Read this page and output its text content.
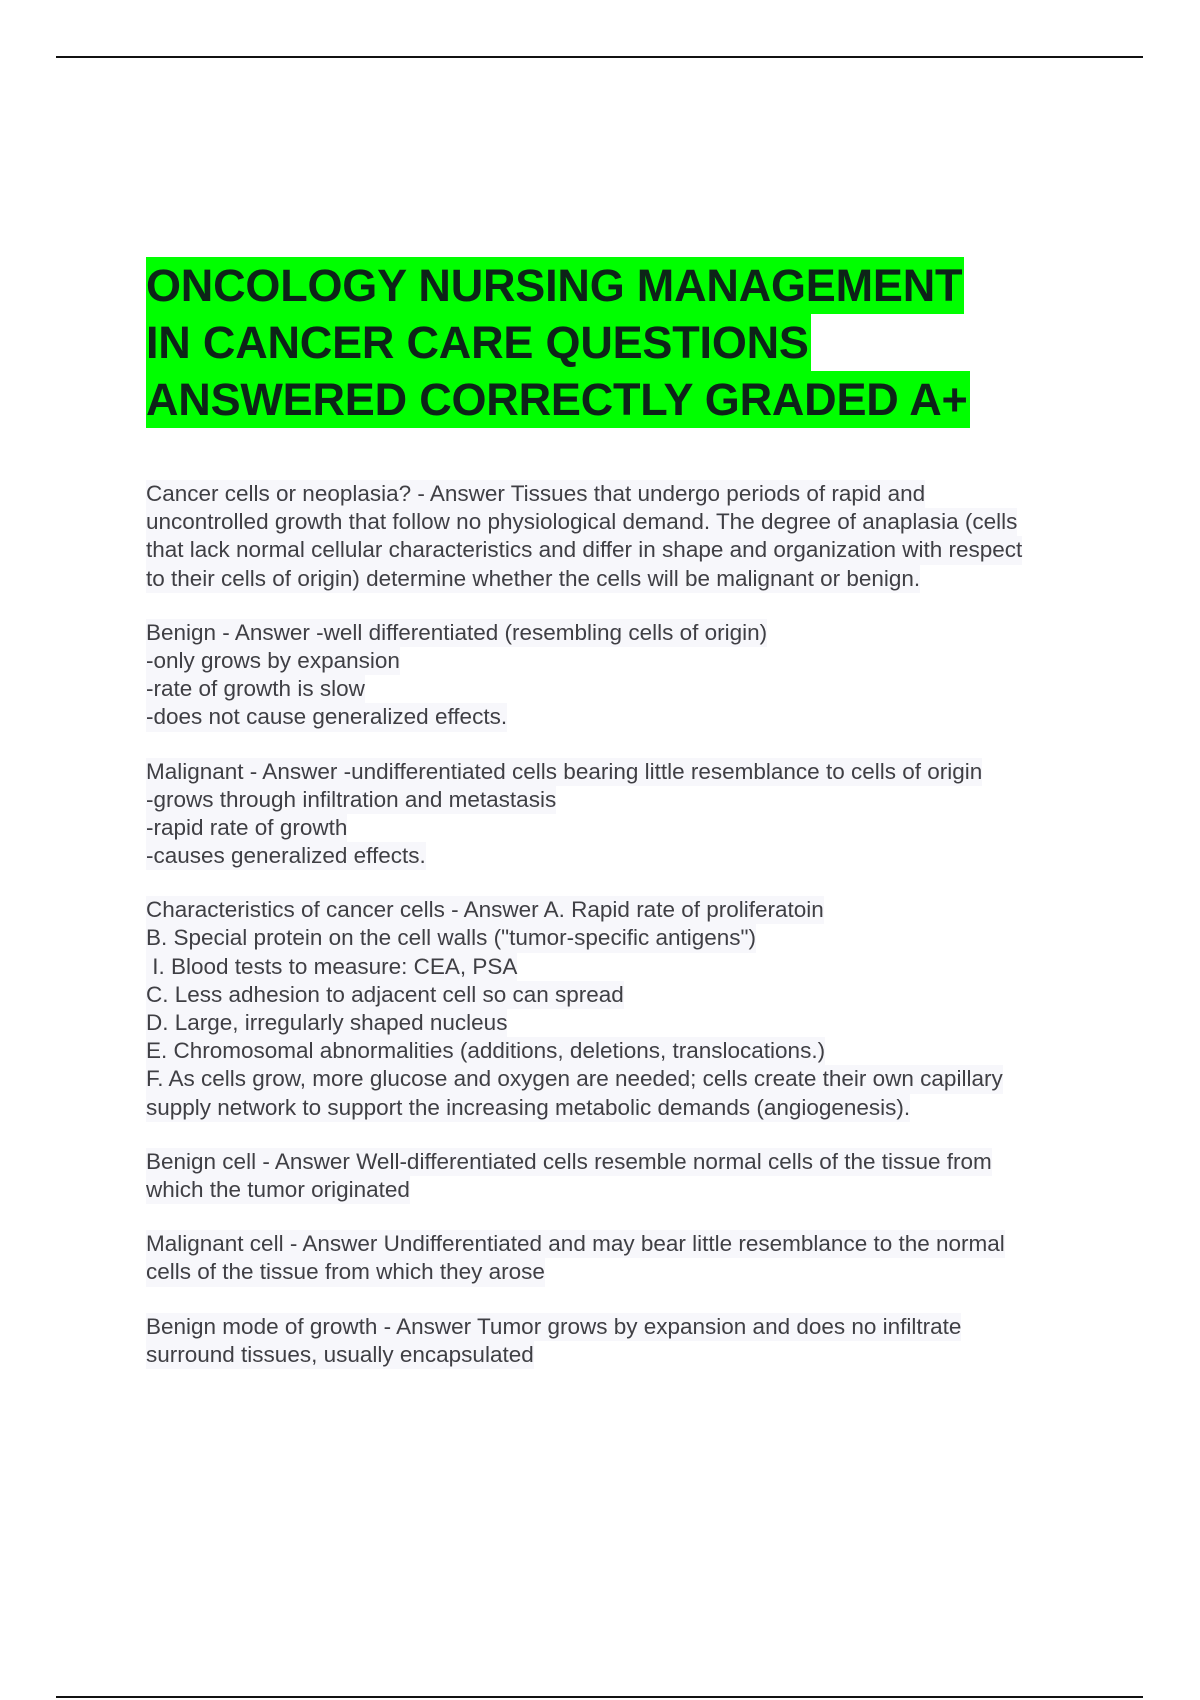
ONCOLOGY NURSING MANAGEMENT
IN CANCER CARE QUESTIONS
ANSWERED CORRECTLY GRADED A+
Cancer cells or neoplasia? - Answer Tissues that undergo periods of rapid and
uncontrolled growth that follow no physiological demand. The degree of anaplasia (cells
that lack normal cellular characteristics and differ in shape and organization with respect
to their cells of origin) determine whether the cells will be malignant or benign.
Benign - Answer -well differentiated (resembling cells of origin)
-only grows by expansion
-rate of growth is slow
-does not cause generalized effects.
Malignant - Answer -undifferentiated cells bearing little resemblance to cells of origin
-grows through infiltration and metastasis
-rapid rate of growth
-causes generalized effects.
Characteristics of cancer cells - Answer A. Rapid rate of proliferatoin
B. Special protein on the cell walls ("tumor-specific antigens")
I. Blood tests to measure: CEA, PSA
C. Less adhesion to adjacent cell so can spread
D. Large, irregularly shaped nucleus
E. Chromosomal abnormalities (additions, deletions, translocations.)
F. As cells grow, more glucose and oxygen are needed; cells create their own capillary
supply network to support the increasing metabolic demands (angiogenesis).
Benign cell - Answer Well-differentiated cells resemble normal cells of the tissue from
which the tumor originated
Malignant cell - Answer Undifferentiated and may bear little resemblance to the normal
cells of the tissue from which they arose
Benign mode of growth - Answer Tumor grows by expansion and does no infiltrate
surround tissues, usually encapsulated
